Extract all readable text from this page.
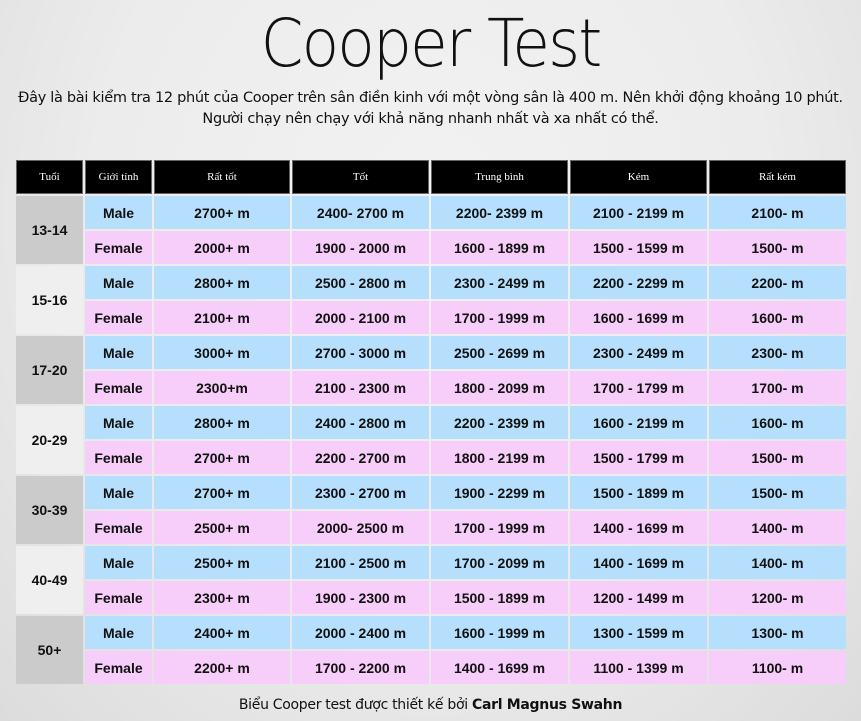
Cooper Test
Đây là bài kiểm tra 12 phút của Cooper trên sân điền kinh với một vòng sân là 400 m. Nên khởi động khoảng 10 phút.
Người chạy nên chạy với khả năng nhanh nhất và xa nhất có thể.
Tuổi	Giới tính	Rất tốt	Tốt	Trung bình	Kém	Rất kém
13-14	Male	2700+ m	2400- 2700 m	2200- 2399 m	2100 - 2199 m	2100- m
	Female	2000+ m	1900 - 2000 m	1600 - 1899 m	1500 - 1599 m	1500- m
15-16	Male	2800+ m	2500 - 2800 m	2300 - 2499 m	2200 - 2299 m	2200- m
	Female	2100+ m	2000 - 2100 m	1700 - 1999 m	1600 - 1699 m	1600- m
17-20	Male	3000+ m	2700 - 3000 m	2500 - 2699 m	2300 - 2499 m	2300- m
	Female	2300+m	2100 - 2300 m	1800 - 2099 m	1700 - 1799 m	1700- m
20-29	Male	2800+ m	2400 - 2800 m	2200 - 2399 m	1600 - 2199 m	1600- m
	Female	2700+ m	2200 - 2700 m	1800 - 2199 m	1500 - 1799 m	1500- m
30-39	Male	2700+ m	2300 - 2700 m	1900 - 2299 m	1500 - 1899 m	1500- m
	Female	2500+ m	2000- 2500 m	1700 - 1999 m	1400 - 1699 m	1400- m
40-49	Male	2500+ m	2100 - 2500 m	1700 - 2099 m	1400 - 1699 m	1400- m
	Female	2300+ m	1900 - 2300 m	1500 - 1899 m	1200 - 1499 m	1200- m
50+	Male	2400+ m	2000 - 2400 m	1600 - 1999 m	1300 - 1599 m	1300- m
	Female	2200+ m	1700 - 2200 m	1400 - 1699 m	1100 - 1399 m	1100- m
Biểu Cooper test được thiết kế bởi Carl Magnus Swahn
